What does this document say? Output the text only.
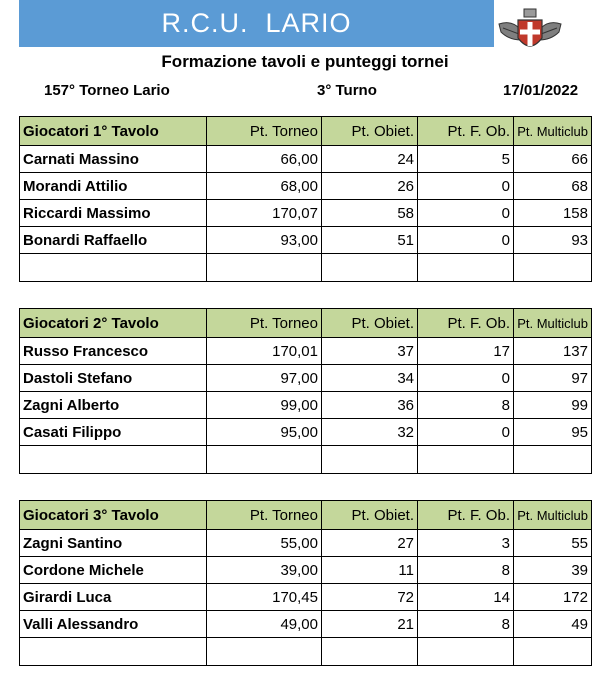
R.C.U.  LARIO
Formazione tavoli e punteggi tornei
157° Torneo Lario	3° Turno	17/01/2022
Giocatori 1° Tavolo	Pt. Torneo	Pt. Obiet.	Pt. F. Ob.	Pt. Multiclub
Carnati Massino	66,00	24	5	66
Morandi Attilio	68,00	26	0	68
Riccardi Massimo	170,07	58	0	158
Bonardi Raffaello	93,00	51	0	93

Giocatori 2° Tavolo	Pt. Torneo	Pt. Obiet.	Pt. F. Ob.	Pt. Multiclub
Russo Francesco	170,01	37	17	137
Dastoli Stefano	97,00	34	0	97
Zagni Alberto	99,00	36	8	99
Casati Filippo	95,00	32	0	95

Giocatori 3° Tavolo	Pt. Torneo	Pt. Obiet.	Pt. F. Ob.	Pt. Multiclub
Zagni Santino	55,00	27	3	55
Cordone Michele	39,00	11	8	39
Girardi Luca	170,45	72	14	172
Valli Alessandro	49,00	21	8	49
